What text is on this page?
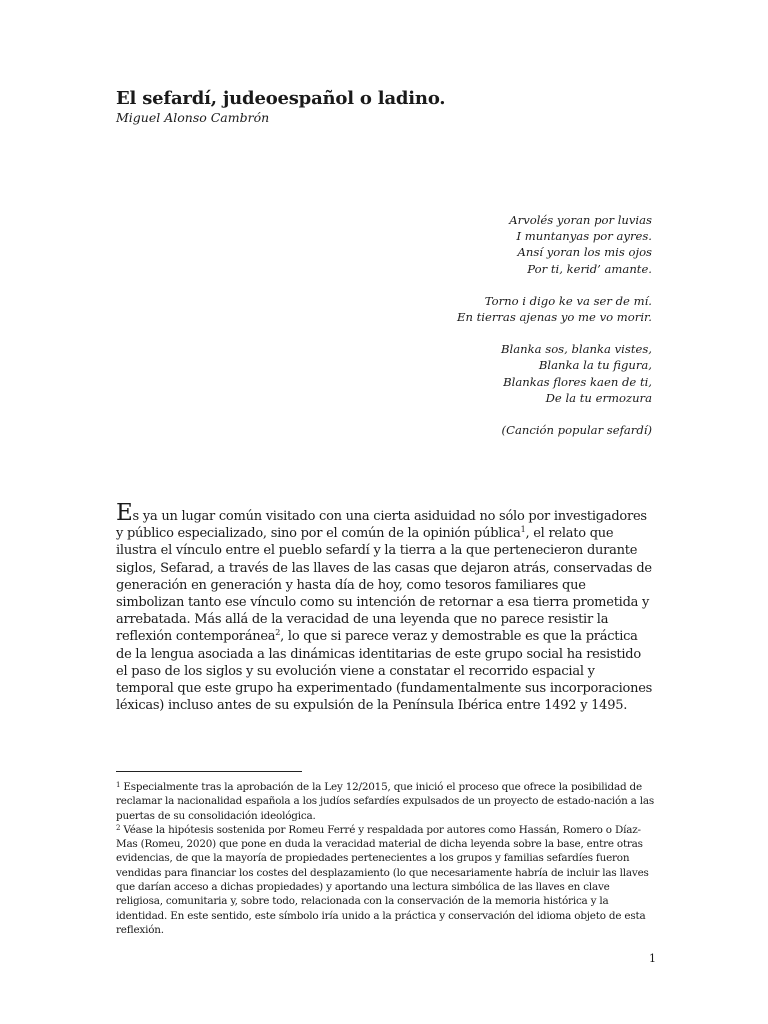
El sefardí, judeoespañol o ladino.

Miguel Alonso Cambrón

Arvolés yoran por luvias
I muntanyas por ayres.
Ansí yoran los mis ojos
Por ti, kerid’ amante.
Torno i digo ke va ser de mí.
En tierras ajenas yo me vo morir.
Blanka sos, blanka vistes,
Blanka la tu figura,
Blankas flores kaen de ti,
De la tu ermozura
(Canción popular sefardí)

Es ya un lugar común visitado con una cierta asiduidad no sólo por investigadores y público especializado, sino por el común de la opinión pública$^1$, el relato que ilustra el vínculo entre el pueblo sefardí y la tierra a la que pertenecieron durante siglos, Sefarad, a través de las llaves de las casas que dejaron atrás, conservadas de generación en generación y hasta día de hoy, como tesoros familiares que simbolizan tanto ese vínculo como su intención de retornar a esa tierra prometida y arrebatada. Más allá de la veracidad de una leyenda que no parece resistir la reflexión contemporánea$^2$, lo que si parece veraz y demostrable es que la práctica de la lengua asociada a las dinámicas identitarias de este grupo social ha resistido el paso de los siglos y su evolución viene a constatar el recorrido espacial y temporal que este grupo ha experimentado (fundamentalmente sus incorporaciones léxicas) incluso antes de su expulsión de la Península Ibérica entre 1492 y 1495.

$^1$ Especialmente tras la aprobación de la Ley 12/2015, que inició el proceso que ofrece la posibilidad de reclamar la nacionalidad española a los judíos sefardíes expulsados de un proyecto de estado-nación a las puertas de su consolidación ideológica.

$^2$ Véase la hipótesis sostenida por Romeu Ferré y respaldada por autores como Hassán, Romero o Díaz-Mas (Romeu, 2020) que pone en duda la veracidad material de dicha leyenda sobre la base, entre otras evidencias, de que la mayoría de propiedades pertenecientes a los grupos y familias sefardíes fueron vendidas para financiar los costes del desplazamiento (lo que necesariamente habría de incluir las llaves que darían acceso a dichas propiedades) y aportando una lectura simbólica de las llaves en clave religiosa, comunitaria y, sobre todo, relacionada con la conservación de la memoria histórica y la identidad. En este sentido, este símbolo iría unido a la práctica y conservación del idioma objeto de esta reflexión.

1
